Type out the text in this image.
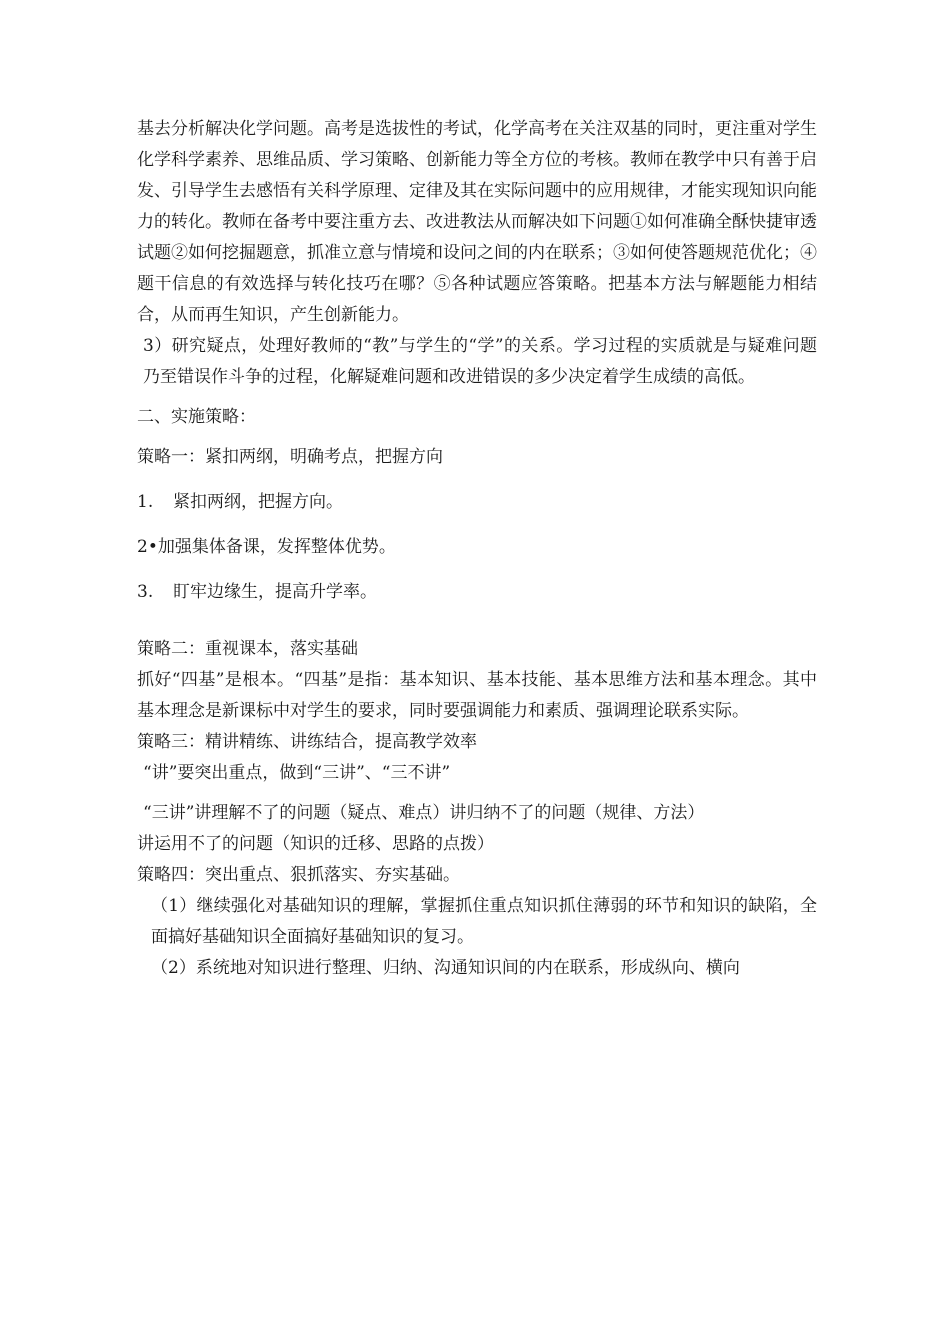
基去分析解决化学问题。高考是选拔性的考试，化学高考在关注双基的同时，更注重对学生化学科学素养、思维品质、学习策略、创新能力等全方位的考核。教师在教学中只有善于启发、引导学生去感悟有关科学原理、定律及其在实际问题中的应用规律，才能实现知识向能力的转化。教师在备考中要注重方去、改进教法从而解决如下问题①如何准确全酥快捷审透试题②如何挖掘题意，抓准立意与情境和设问之间的内在联系；③如何使答题规范优化；④题干信息的有效选择与转化技巧在哪？⑤各种试题应答策略。把基本方法与解题能力相结合，从而再生知识，产生创新能力。

3）研究疑点，处理好教师的“教”与学生的“学”的关系。学习过程的实质就是与疑难问题乃至错误作斗争的过程，化解疑难问题和改进错误的多少决定着学生成绩的高低。

二、实施策略：

策略一：紧扣两纲，明确考点，把握方向

1. 紧扣两纲，把握方向。

2•加强集体备课，发挥整体优势。

3. 盯牢边缘生，提高升学率。

策略二：重视课本，落实基础

抓好“四基”是根本。“四基”是指：基本知识、基本技能、基本思维方法和基本理念。其中基本理念是新课标中对学生的要求，同时要强调能力和素质、强调理论联系实际。

策略三：精讲精练、讲练结合，提高教学效率

“讲”要突出重点，做到“三讲”、“三不讲”

“三讲”讲理解不了的问题（疑点、难点）讲归纳不了的问题（规律、方法）

讲运用不了的问题（知识的迁移、思路的点拨）

策略四：突出重点、狠抓落实、夯实基础。

（1）继续强化对基础知识的理解，掌握抓住重点知识抓住薄弱的环节和知识的缺陷，全面搞好基础知识全面搞好基础知识的复习。

（2）系统地对知识进行整理、归纳、沟通知识间的内在联系，形成纵向、横向
